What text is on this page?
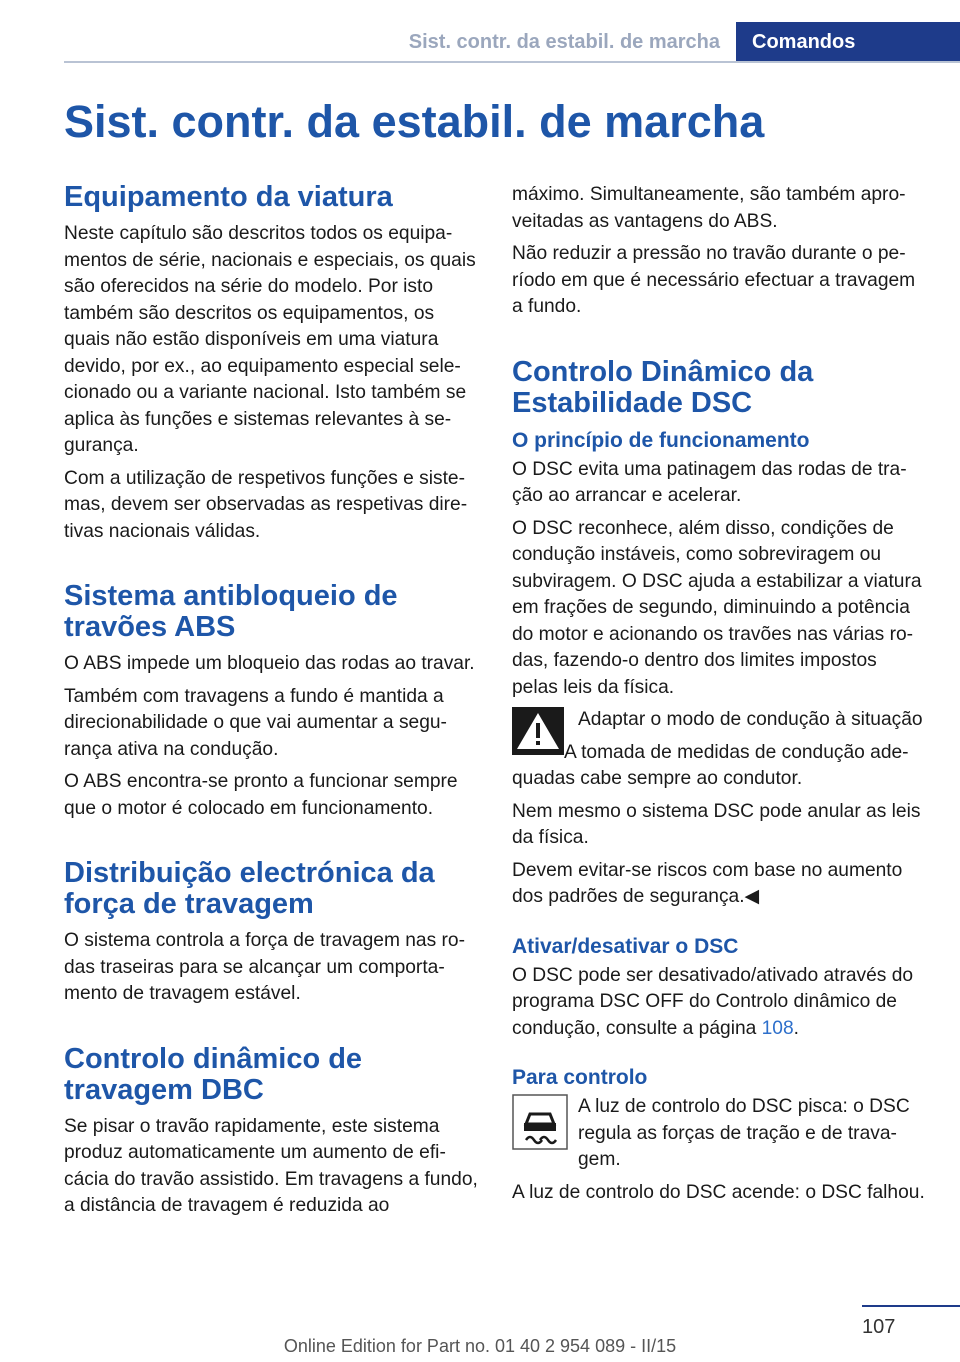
Sist. contr. da estabil. de marcha	Comandos
Sist. contr. da estabil. de marcha
Equipamento da viatura

Neste capítulo são descritos todos os equipamentos de série, nacionais e especiais, os quais são oferecidos na série do modelo. Por isto também são descritos os equipamentos, os quais não estão disponíveis em uma viatura devido, por ex., ao equipamento especial selecionado ou a variante nacional. Isto também se aplica às funções e sistemas relevantes à segurança.

Com a utilização de respetivos funções e sistemas, devem ser observadas as respetivas diretivas nacionais válidas.

Sistema antibloqueio de travões ABS

O ABS impede um bloqueio das rodas ao travar.

Também com travagens a fundo é mantida a direcionabilidade o que vai aumentar a segurança ativa na condução.

O ABS encontra-se pronto a funcionar sempre que o motor é colocado em funcionamento.

Distribuição electrónica da força de travagem

O sistema controla a força de travagem nas rodas traseiras para se alcançar um comportamento de travagem estável.

Controlo dinâmico de travagem DBC

Se pisar o travão rapidamente, este sistema produz automaticamente um aumento de eficácia do travão assistido. Em travagens a fundo, a distância de travagem é reduzida ao

máximo. Simultaneamente, são também aproveitadas as vantagens do ABS.

Não reduzir a pressão no travão durante o período em que é necessário efectuar a travagem a fundo.

Controlo Dinâmico da Estabilidade DSC
O princípio de funcionamento

O DSC evita uma patinagem das rodas de tração ao arrancar e acelerar.

O DSC reconhece, além disso, condições de condução instáveis, como sobreviragem ou subviragem. O DSC ajuda a estabilizar a viatura em frações de segundo, diminuindo a potência do motor e acionando os travões nas várias rodas, fazendo-o dentro dos limites impostos pelas leis da física.

Adaptar o modo de condução à situação

A tomada de medidas de condução adequadas cabe sempre ao condutor.

Nem mesmo o sistema DSC pode anular as leis da física.

Devem evitar-se riscos com base no aumento dos padrões de segurança.◀

Ativar/desativar o DSC

O DSC pode ser desativado/ativado através do programa DSC OFF do Controlo dinâmico de condução, consulte a página 108.

Para controlo

A luz de controlo do DSC pisca: o DSC regula as forças de tração e de travagem.

A luz de controlo do DSC acende: o DSC falhou.

107
Online Edition for Part no. 01 40 2 954 089 - II/15
